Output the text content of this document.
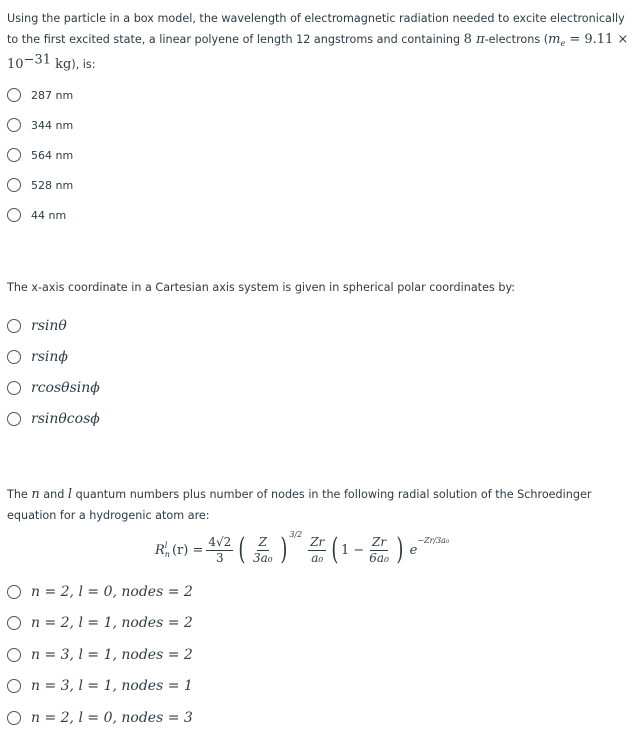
Using the particle in a box model, the wavelength of electromagnetic radiation needed to excite electronically to the first excited state, a linear polyene of length 12 angstroms and containing 8 π-electrons ($m_e = 9.11 \times 10^{-31}$ kg), is:

287 nm
344 nm
564 nm
528 nm
44 nm

The x-axis coordinate in a Cartesian axis system is given in spherical polar coordinates by:

rsinθ
rsinϕ
rcosθsinϕ
rsinθcosϕ

The n and l quantum numbers plus number of nodes in the following radial solution of the Schroedinger equation for a hydrogenic atom are:

R l
n $(r) = \frac{4√2}{3}$ ( $\frac{Z}{\text{3a₀}}$ ) $3/2 \frac{Zr}{\text{a₀}}$ ( $1 - \frac{Zr}{\text{6a₀}}$ ) e
−Zr/3a₀
n = 2, l = 0, nodes = 2
n = 2, l = 1, nodes = 2
n = 3, l = 1, nodes = 2
n = 3, l = 1, nodes = 1
n = 2, l = 0, nodes = 3
